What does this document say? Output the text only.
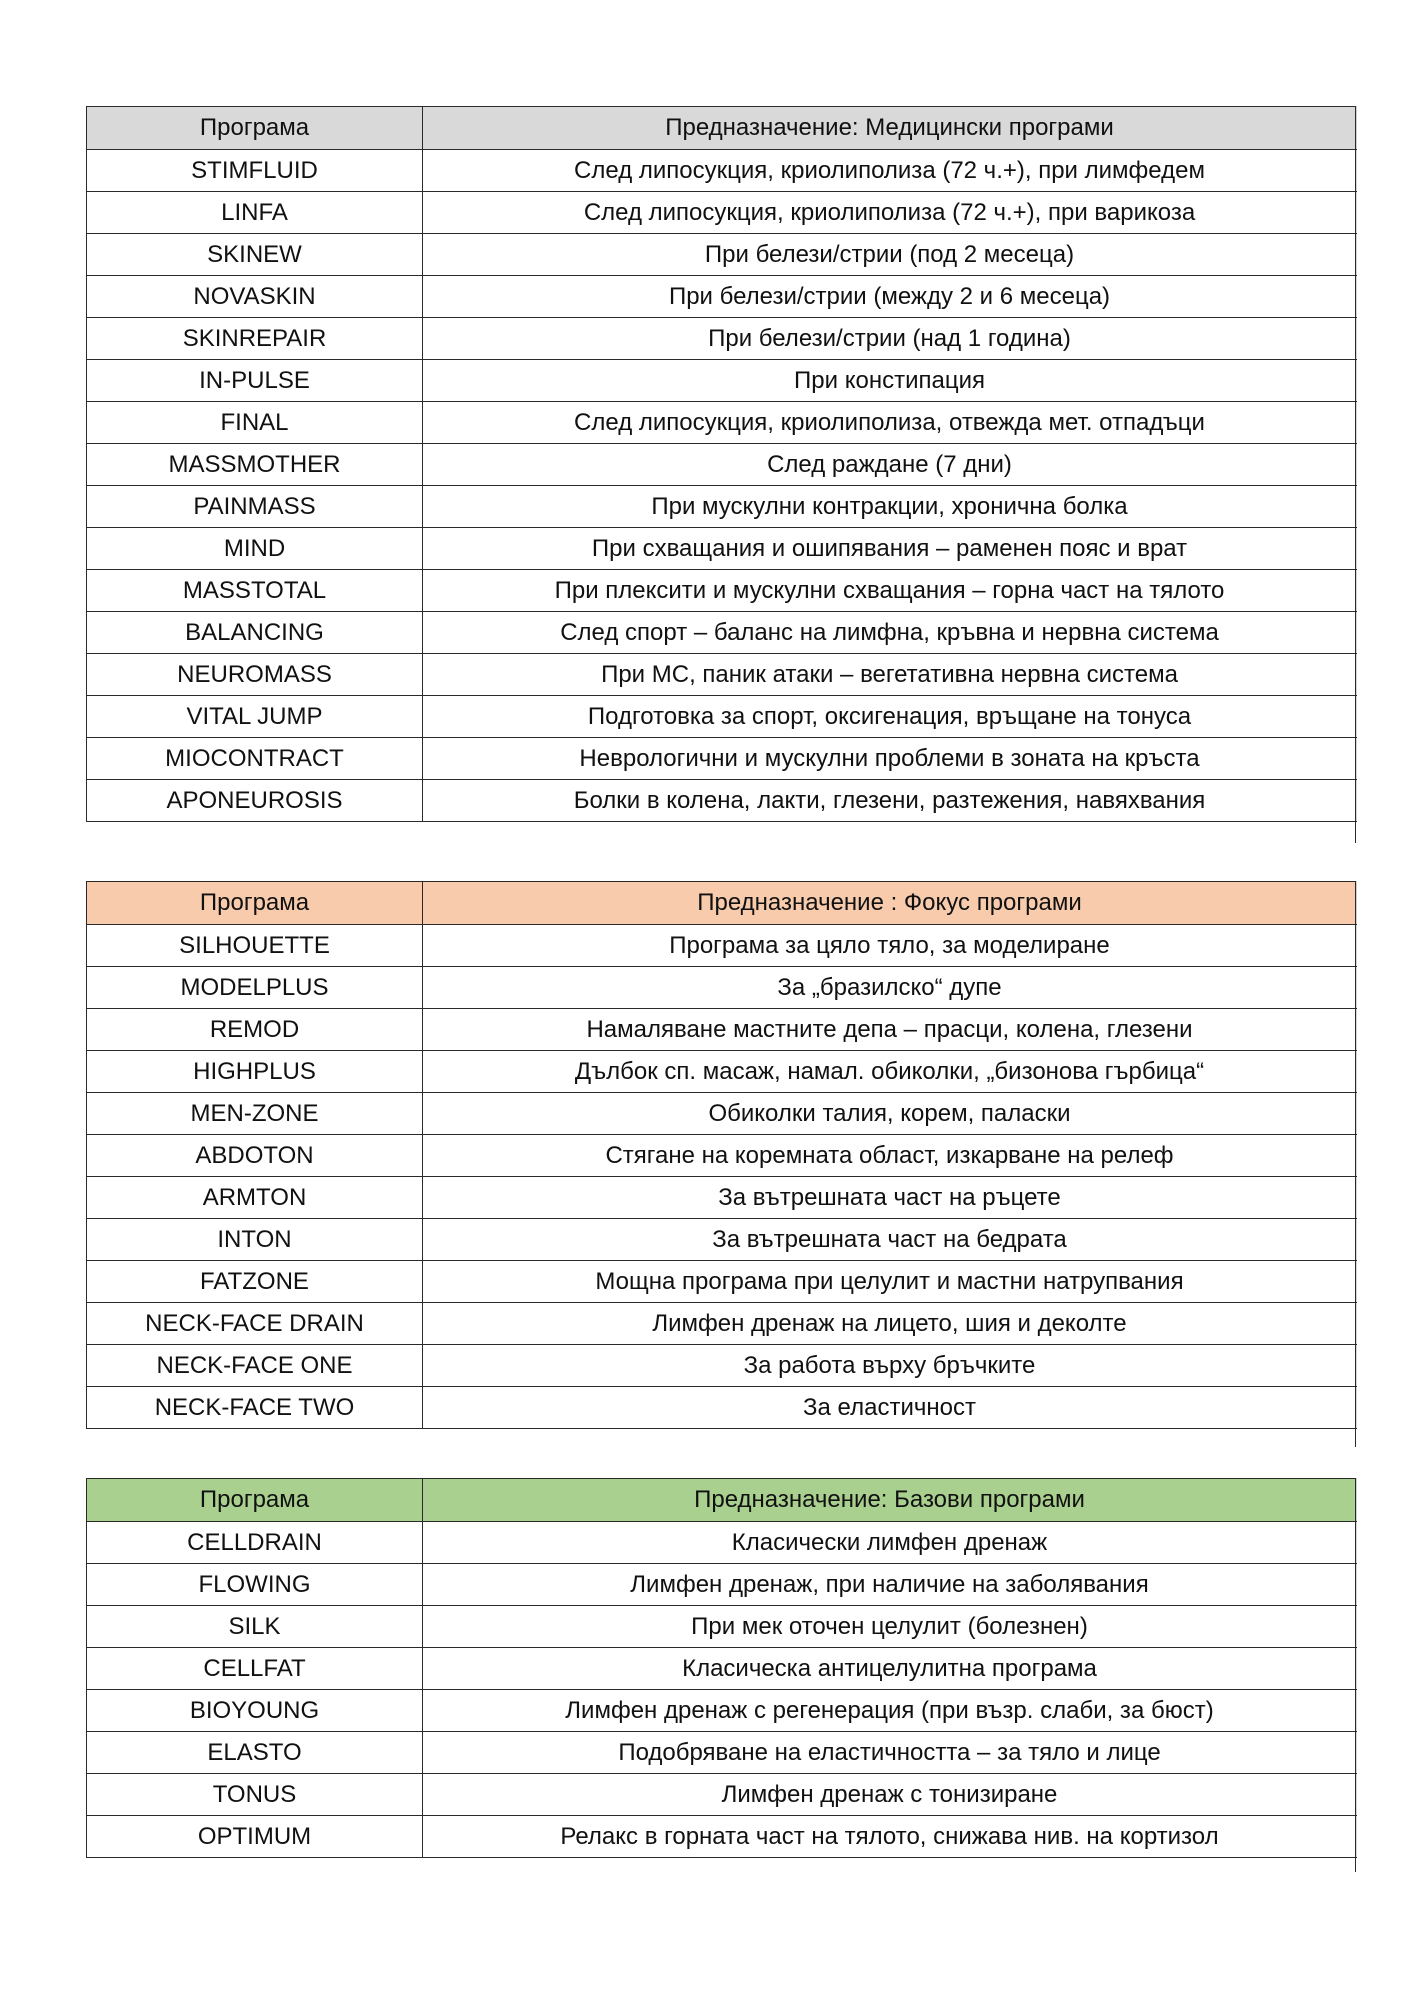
Програма	Предназначение: Медицински програми
STIMFLUID	След липосукция, криолиполиза (72 ч.+), при лимфедем
LINFA	След липосукция, криолиполиза (72 ч.+), при варикоза
SKINEW	При белези/стрии (под 2 месеца)
NOVASKIN	При белези/стрии (между 2 и 6 месеца)
SKINREPAIR	При белези/стрии (над 1 година)
IN-PULSE	При констипация
FINAL	След липосукция, криолиполиза, отвежда мет. отпадъци
MASSMOTHER	След раждане (7 дни)
PAINMASS	При мускулни контракции, хронична болка
MIND	При схващания и ошипявания – раменен пояс и врат
MASSTOTAL	При плексити и мускулни схващания – горна част на тялото
BALANCING	След спорт – баланс на лимфна, кръвна и нервна система
NEUROMASS	При МС, паник атаки – вегетативна нервна система
VITAL JUMP	Подготовка за спорт, оксигенация, връщане на тонуса
MIOCONTRACT	Неврологични и мускулни проблеми в зоната на кръста
APONEUROSIS	Болки в колена, лакти, глезени, разтежения, навяхвания
Програма	Предназначение : Фокус програми
SILHOUETTE	Програма за цяло тяло, за моделиране
MODELPLUS	За „бразилско“ дупе
REMOD	Намаляване мастните депа – прасци, колена, глезени
HIGHPLUS	Дълбок сп. масаж, намал. обиколки, „бизонова гърбица“
MEN-ZONE	Обиколки талия, корем, паласки
ABDOTON	Стягане на коремната област, изкарване на релеф
ARMTON	За вътрешната част на ръцете
INTON	За вътрешната част на бедрата
FATZONE	Мощна програма при целулит и мастни натрупвания
NECK-FACE DRAIN	Лимфен дренаж на лицето, шия и деколте
NECK-FACE ONE	За работа върху бръчките
NECK-FACE TWO	За еластичност
Програма	Предназначение: Базови програми
CELLDRAIN	Класически лимфен дренаж
FLOWING	Лимфен дренаж, при наличие на заболявания
SILK	При мек оточен целулит (болезнен)
CELLFAT	Класическа антицелулитна програма
BIOYOUNG	Лимфен дренаж с регенерация (при възр. слаби, за бюст)
ELASTO	Подобряване на еластичността – за тяло и лице
TONUS	Лимфен дренаж с тонизиране
OPTIMUM	Релакс в горната част на тялото, снижава нив. на кортизол
